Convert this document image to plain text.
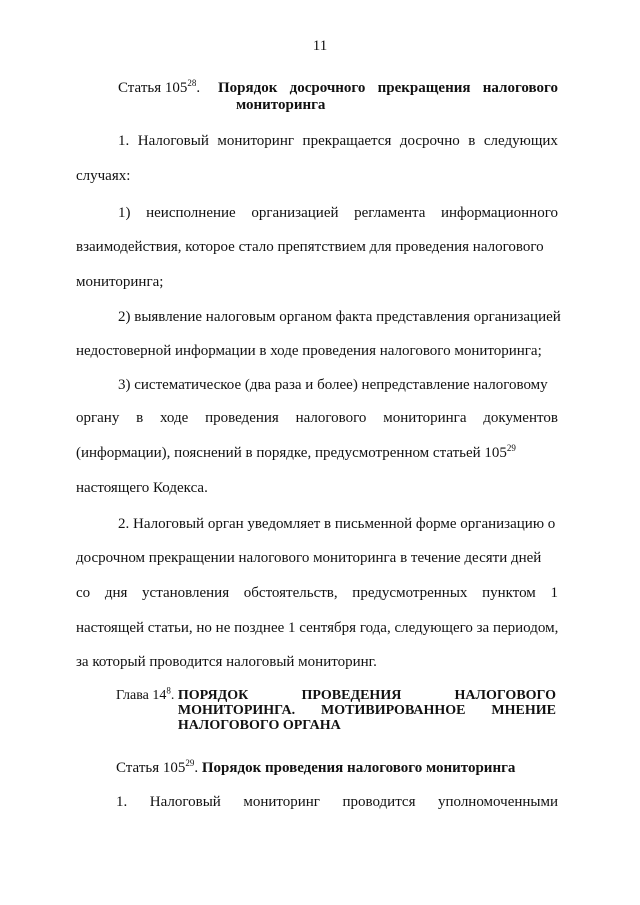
11
Статья $105^{28}$. Порядок досрочного прекращения налогового
мониторинга
1. Налоговый мониторинг прекращается досрочно в следующих
случаях:
1) неисполнение организацией регламента информационного
взаимодействия, которое стало препятствием для проведения налогового
мониторинга;
2) выявление налоговым органом факта представления организацией
недостоверной информации в ходе проведения налогового мониторинга;
3) систематическое (два раза и более) непредставление налоговому
органу в ходе проведения налогового мониторинга документов
(информации), пояснений в порядке, предусмотренном статьей $105^{29}$
настоящего Кодекса.
2. Налоговый орган уведомляет в письменной форме организацию о
досрочном прекращении налогового мониторинга в течение десяти дней
со дня установления обстоятельств, предусмотренных пунктом 1
настоящей статьи, но не позднее 1 сентября года, следующего за периодом,
за который проводится налоговый мониторинг.
Глава $14^8$. ПОРЯДОК	ПРОВЕДЕНИЯ	НАЛОГОВОГО
МОНИТОРИНГА. МОТИВИРОВАННОЕ МНЕНИЕ
НАЛОГОВОГО ОРГАНА
Статья $105^{29}$. Порядок проведения налогового мониторинга
1. Налоговый мониторинг проводится уполномоченными
